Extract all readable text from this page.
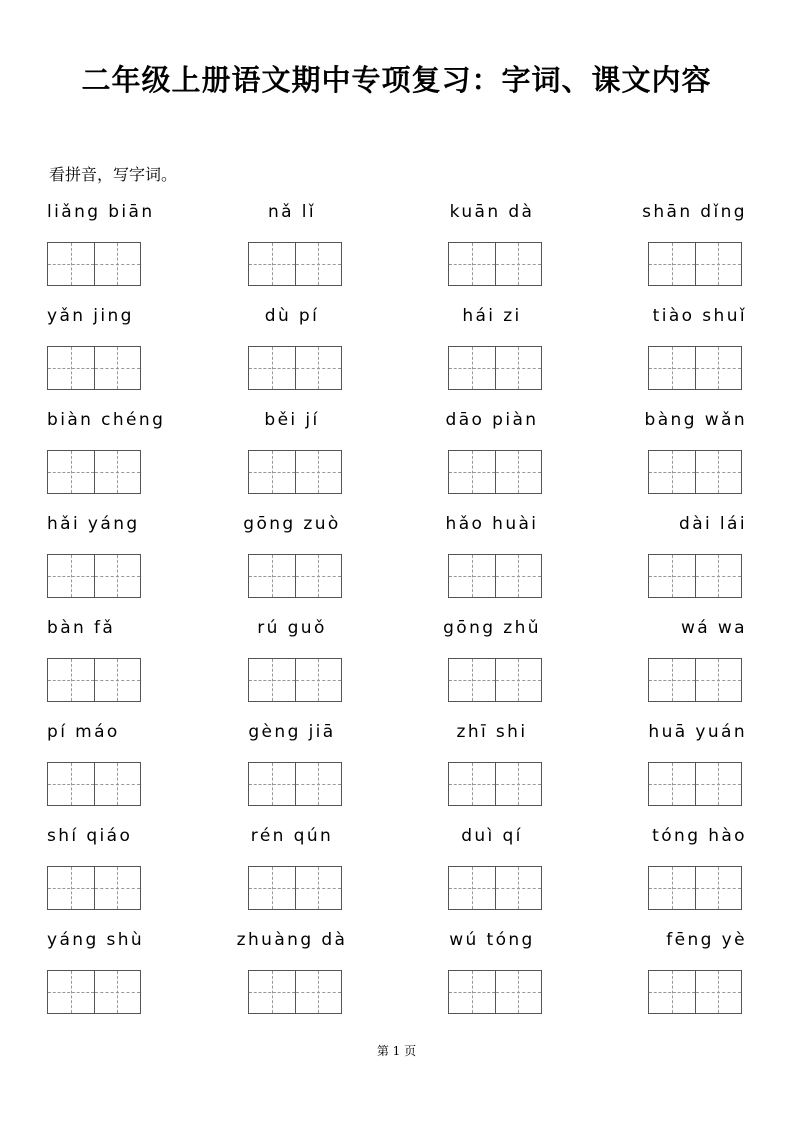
二年级上册语文期中专项复习：字词、课文内容
看拼音，写字词。
liǎng biān	nǎ lǐ	kuān dà	shān dǐng
yǎn jing	dù pí	hái zi	tiào shuǐ
biàn chéng	běi jí	dāo piàn	bàng wǎn
hǎi yáng	gōng zuò	hǎo huài	dài lái
bàn fǎ	rú guǒ	gōng zhǔ	wá wa
pí máo	gèng jiā	zhī shi	huā yuán
shí qiáo	rén qún	duì qí	tóng hào
yáng shù	zhuàng dà	wú tóng	fēng yè
第 1 页
